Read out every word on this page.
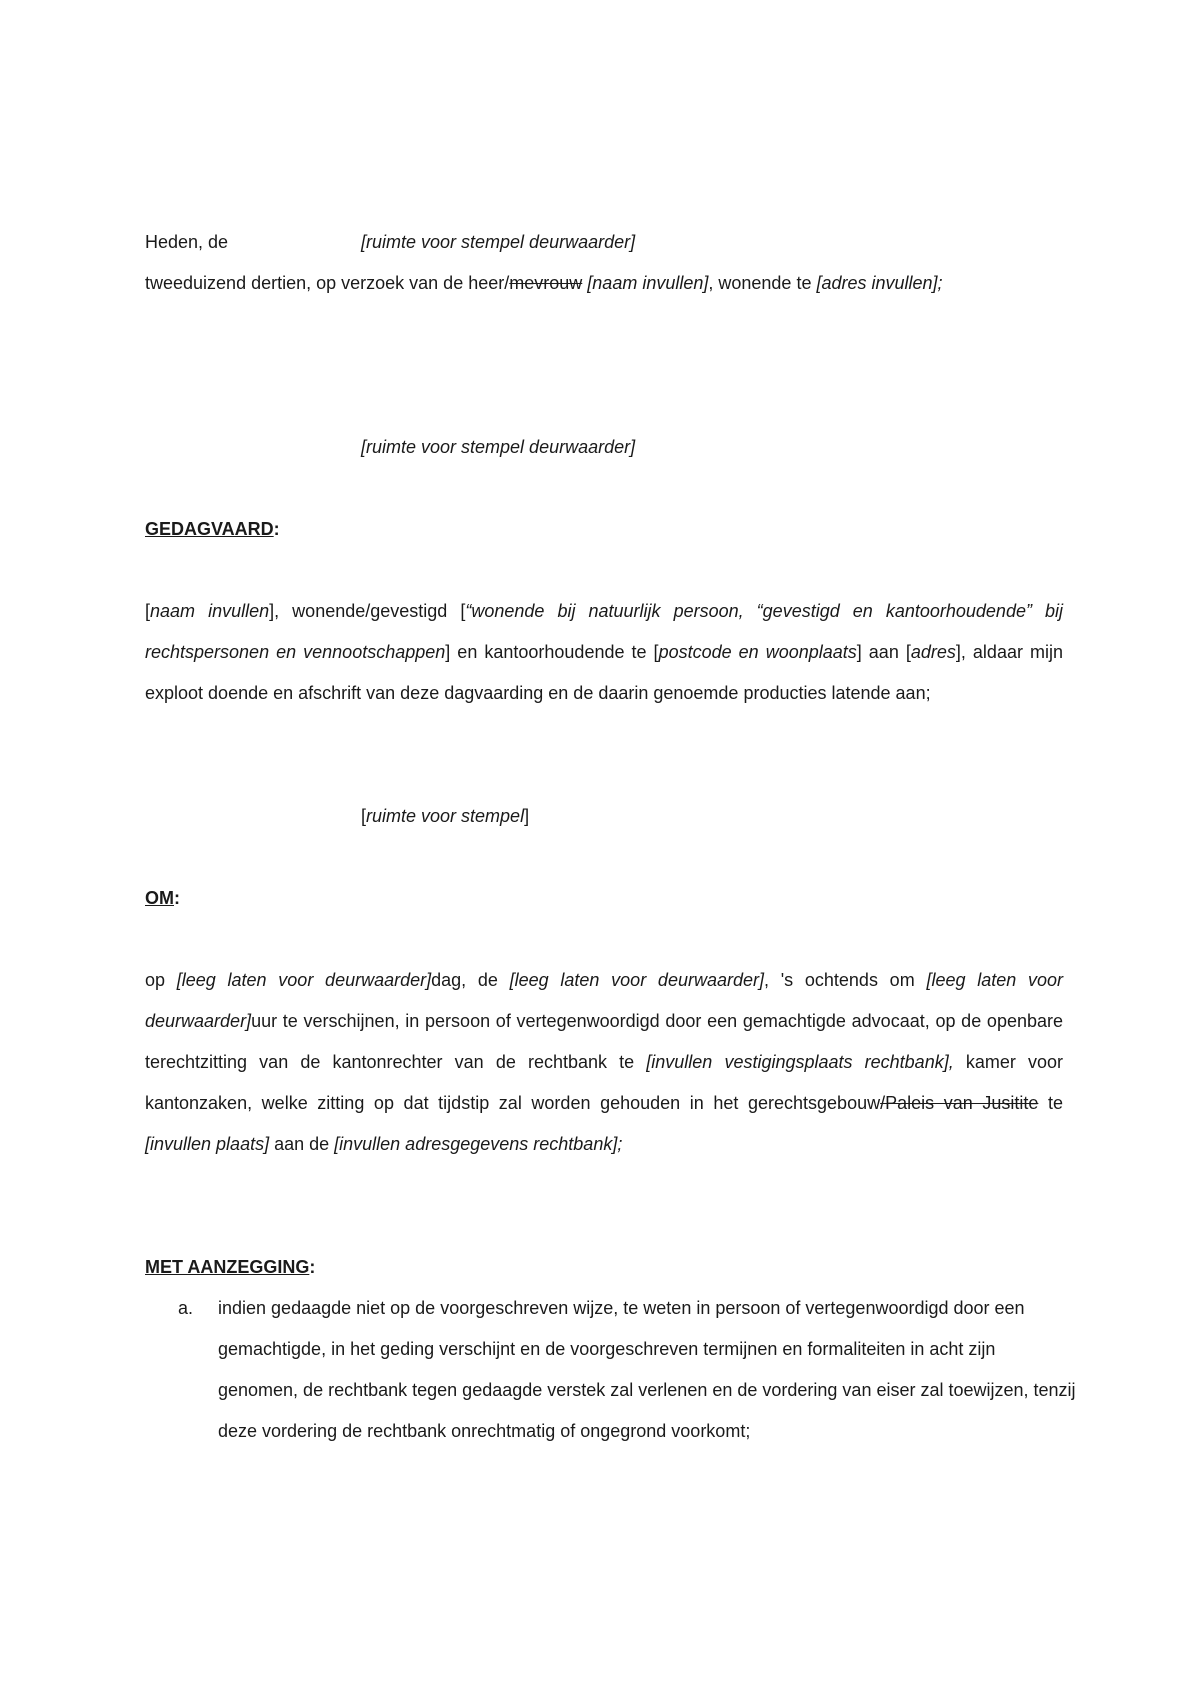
Heden, de	[ruimte voor stempel deurwaarder]
tweeduizend dertien, op verzoek van de heer/mevrouw [naam invullen], wonende te [adres invullen];
[ruimte voor stempel deurwaarder]
GEDAGVAARD:
[naam invullen], wonende/gevestigd [“wonende bij natuurlijk persoon, “gevestigd en kantoorhoudende” bij rechtspersonen en vennootschappen] en kantoorhoudende te [postcode en woonplaats] aan [adres], aldaar mijn exploot doende en afschrift van deze dagvaarding en de daarin genoemde producties latende aan;
[ruimte voor stempel]
OM:
op [leeg laten voor deurwaarder]dag, de [leeg laten voor deurwaarder], 's ochtends om [leeg laten voor deurwaarder]uur te verschijnen, in persoon of vertegenwoordigd door een gemachtigde advocaat, op de openbare terechtzitting van de kantonrechter van de rechtbank te [invullen vestigingsplaats rechtbank], kamer voor kantonzaken, welke zitting op dat tijdstip zal worden gehouden in het gerechtsgebouw/Paleis van Jusitite te [invullen plaats] aan de [invullen adresgegevens rechtbank];
MET AANZEGGING:
a. indien gedaagde niet op de voorgeschreven wijze, te weten in persoon of vertegenwoordigd door een gemachtigde, in het geding verschijnt en de voorgeschreven termijnen en formaliteiten in acht zijn genomen, de rechtbank tegen gedaagde verstek zal verlenen en de vordering van eiser zal toewijzen, tenzij deze vordering de rechtbank onrechtmatig of ongegrond voorkomt;
